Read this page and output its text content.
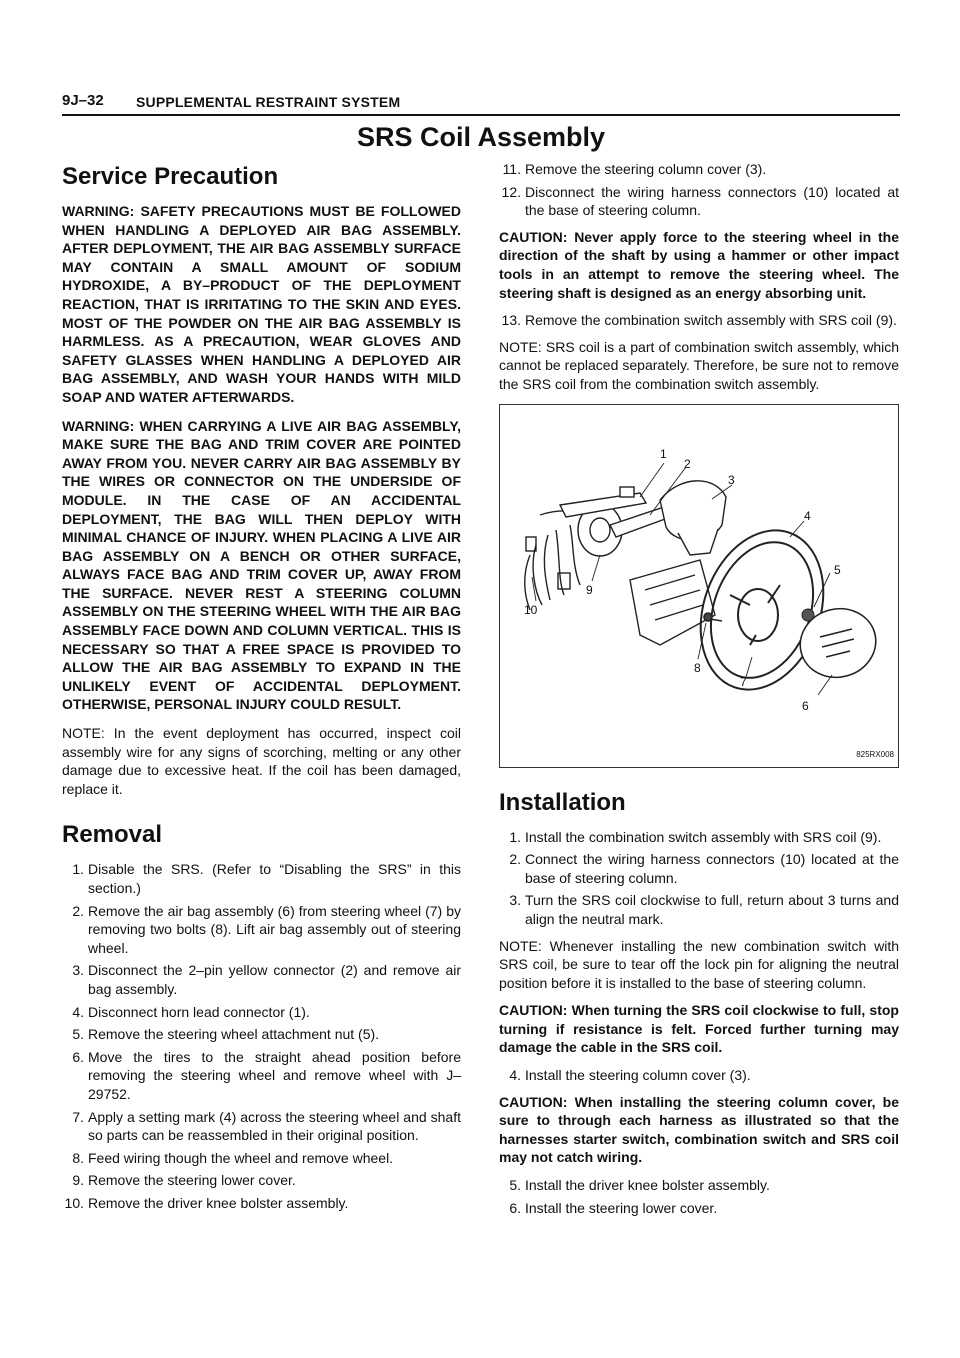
9J–32 SUPPLEMENTAL RESTRAINT SYSTEM
SRS Coil Assembly
Service Precaution

WARNING: SAFETY PRECAUTIONS MUST BE FOLLOWED WHEN HANDLING A DEPLOYED AIR BAG ASSEMBLY. AFTER DEPLOYMENT, THE AIR BAG ASSEMBLY SURFACE MAY CONTAIN A SMALL AMOUNT OF SODIUM HYDROXIDE, A BY–PRODUCT OF THE DEPLOYMENT REACTION, THAT IS IRRITATING TO THE SKIN AND EYES. MOST OF THE POWDER ON THE AIR BAG ASSEMBLY IS HARMLESS. AS A PRECAUTION, WEAR GLOVES AND SAFETY GLASSES WHEN HANDLING A DEPLOYED AIR BAG ASSEMBLY, AND WASH YOUR HANDS WITH MILD SOAP AND WATER AFTERWARDS.

WARNING: WHEN CARRYING A LIVE AIR BAG ASSEMBLY, MAKE SURE THE BAG AND TRIM COVER ARE POINTED AWAY FROM YOU. NEVER CARRY AIR BAG ASSEMBLY BY THE WIRES OR CONNECTOR ON THE UNDERSIDE OF MODULE. IN THE CASE OF AN ACCIDENTAL DEPLOYMENT, THE BAG WILL THEN DEPLOY WITH MINIMAL CHANCE OF INJURY. WHEN PLACING A LIVE AIR BAG ASSEMBLY ON A BENCH OR OTHER SURFACE, ALWAYS FACE BAG AND TRIM COVER UP, AWAY FROM THE SURFACE. NEVER REST A STEERING COLUMN ASSEMBLY ON THE STEERING WHEEL WITH THE AIR BAG ASSEMBLY FACE DOWN AND COLUMN VERTICAL. THIS IS NECESSARY SO THAT A FREE SPACE IS PROVIDED TO ALLOW THE AIR BAG ASSEMBLY TO EXPAND IN THE UNLIKELY EVENT OF ACCIDENTAL DEPLOYMENT. OTHERWISE, PERSONAL INJURY COULD RESULT.

NOTE: In the event deployment has occurred, inspect coil assembly wire for any signs of scorching, melting or any other damage due to excessive heat. If the coil has been damaged, replace it.

Removal
1. Disable the SRS. (Refer to “Disabling the SRS” in this section.)
2. Remove the air bag assembly (6) from steering wheel (7) by removing two bolts (8). Lift air bag assembly out of steering wheel.
3. Disconnect the 2–pin yellow connector (2) and remove air bag assembly.
4. Disconnect horn lead connector (1).
5. Remove the steering wheel attachment nut (5).
6. Move the tires to the straight ahead position before removing the steering wheel and remove wheel with J–29752.
7. Apply a setting mark (4) across the steering wheel and shaft so parts can be reassembled in their original position.
8. Feed wiring though the wheel and remove wheel.
9. Remove the steering lower cover.
10. Remove the driver knee bolster assembly.
11. Remove the steering column cover (3).
12. Disconnect the wiring harness connectors (10) located at the base of steering column.

CAUTION: Never apply force to the steering wheel in the direction of the shaft by using a hammer or other impact tools in an attempt to remove the steering wheel. The steering shaft is designed as an energy absorbing unit.

13. Remove the combination switch assembly with SRS coil (9).

NOTE: SRS coil is a part of combination switch assembly, which cannot be replaced separately. Therefore, be sure not to remove the SRS coil from the combination switch assembly.

1
2
3
4
5
6
7
8
9
10
825RX008
Installation
1. Install the combination switch assembly with SRS coil (9).
2. Connect the wiring harness connectors (10) located at the base of steering column.
3. Turn the SRS coil clockwise to full, return about 3 turns and align the neutral mark.

NOTE: Whenever installing the new combination switch with SRS coil, be sure to tear off the lock pin for aligning the neutral position before it is installed to the base of steering column.

CAUTION: When turning the SRS coil clockwise to full, stop turning if resistance is felt. Forced further turning may damage the cable in the SRS coil.

4. Install the steering column cover (3).

CAUTION: When installing the steering column cover, be sure to through each harness as illustrated so that the harnesses starter switch, combination switch and SRS coil may not catch wiring.

5. Install the driver knee bolster assembly.
6. Install the steering lower cover.
